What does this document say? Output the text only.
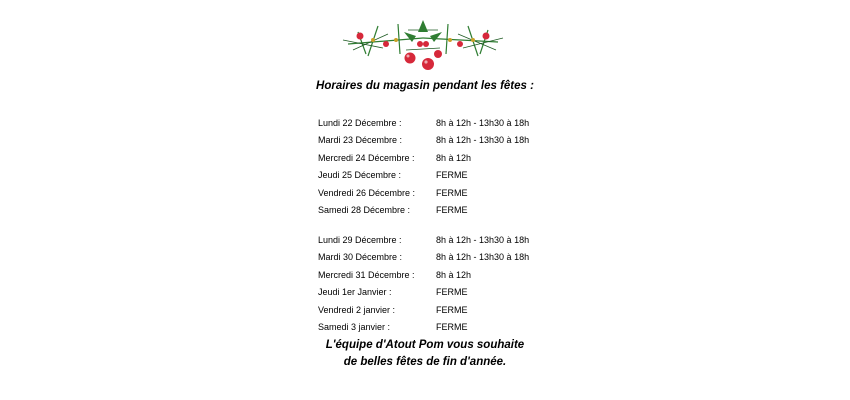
Horaires du magasin pendant les fêtes :
Lundi 22 Décembre :	8h à 12h - 13h30 à 18h
Mardi 23 Décembre :	8h à 12h - 13h30 à 18h
Mercredi 24 Décembre :	8h à 12h
Jeudi 25 Décembre :	FERME
Vendredi 26 Décembre :	FERME
Samedi 28 Décembre :	FERME
Lundi 29 Décembre :	8h à 12h - 13h30 à 18h
Mardi 30 Décembre :	8h à 12h - 13h30 à 18h
Mercredi 31 Décembre :	8h à 12h
Jeudi 1er Janvier :	FERME
Vendredi 2 janvier :	FERME
Samedi 3 janvier :	FERME
L'équipe d'Atout Pom vous souhaite
de belles fêtes de fin d'année.
